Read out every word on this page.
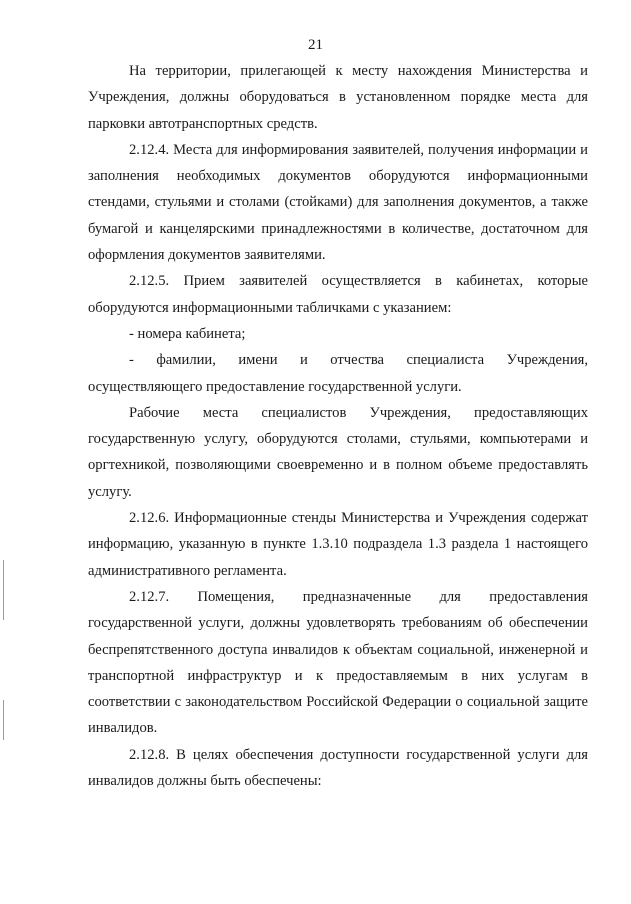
21

На территории, прилегающей к месту нахождения Министерства и Учреждения, должны оборудоваться в установленном порядке места для парковки автотранспортных средств.

2.12.4. Места для информирования заявителей, получения информации и заполнения необходимых документов оборудуются информационными стендами, стульями и столами (стойками) для заполнения документов, а также бумагой и канцелярскими принадлежностями в количестве, достаточном для оформления документов заявителями.

2.12.5. Прием заявителей осуществляется в кабинетах, которые оборудуются информационными табличками с указанием:

- номера кабинета;

- фамилии, имени и отчества специалиста Учреждения, осуществляющего предоставление государственной услуги.

Рабочие места специалистов Учреждения, предоставляющих государственную услугу, оборудуются столами, стульями, компьютерами и оргтехникой, позволяющими своевременно и в полном объеме предоставлять услугу.

2.12.6. Информационные стенды Министерства и Учреждения содержат информацию, указанную в пункте 1.3.10 подраздела 1.3 раздела 1 настоящего административного регламента.

2.12.7. Помещения, предназначенные для предоставления государственной услуги, должны удовлетворять требованиям об обеспечении беспрепятственного доступа инвалидов к объектам социальной, инженерной и транспортной инфраструктур и к предоставляемым в них услугам в соответствии с законодательством Российской Федерации о социальной защите инвалидов.

2.12.8. В целях обеспечения доступности государственной услуги для инвалидов должны быть обеспечены:
